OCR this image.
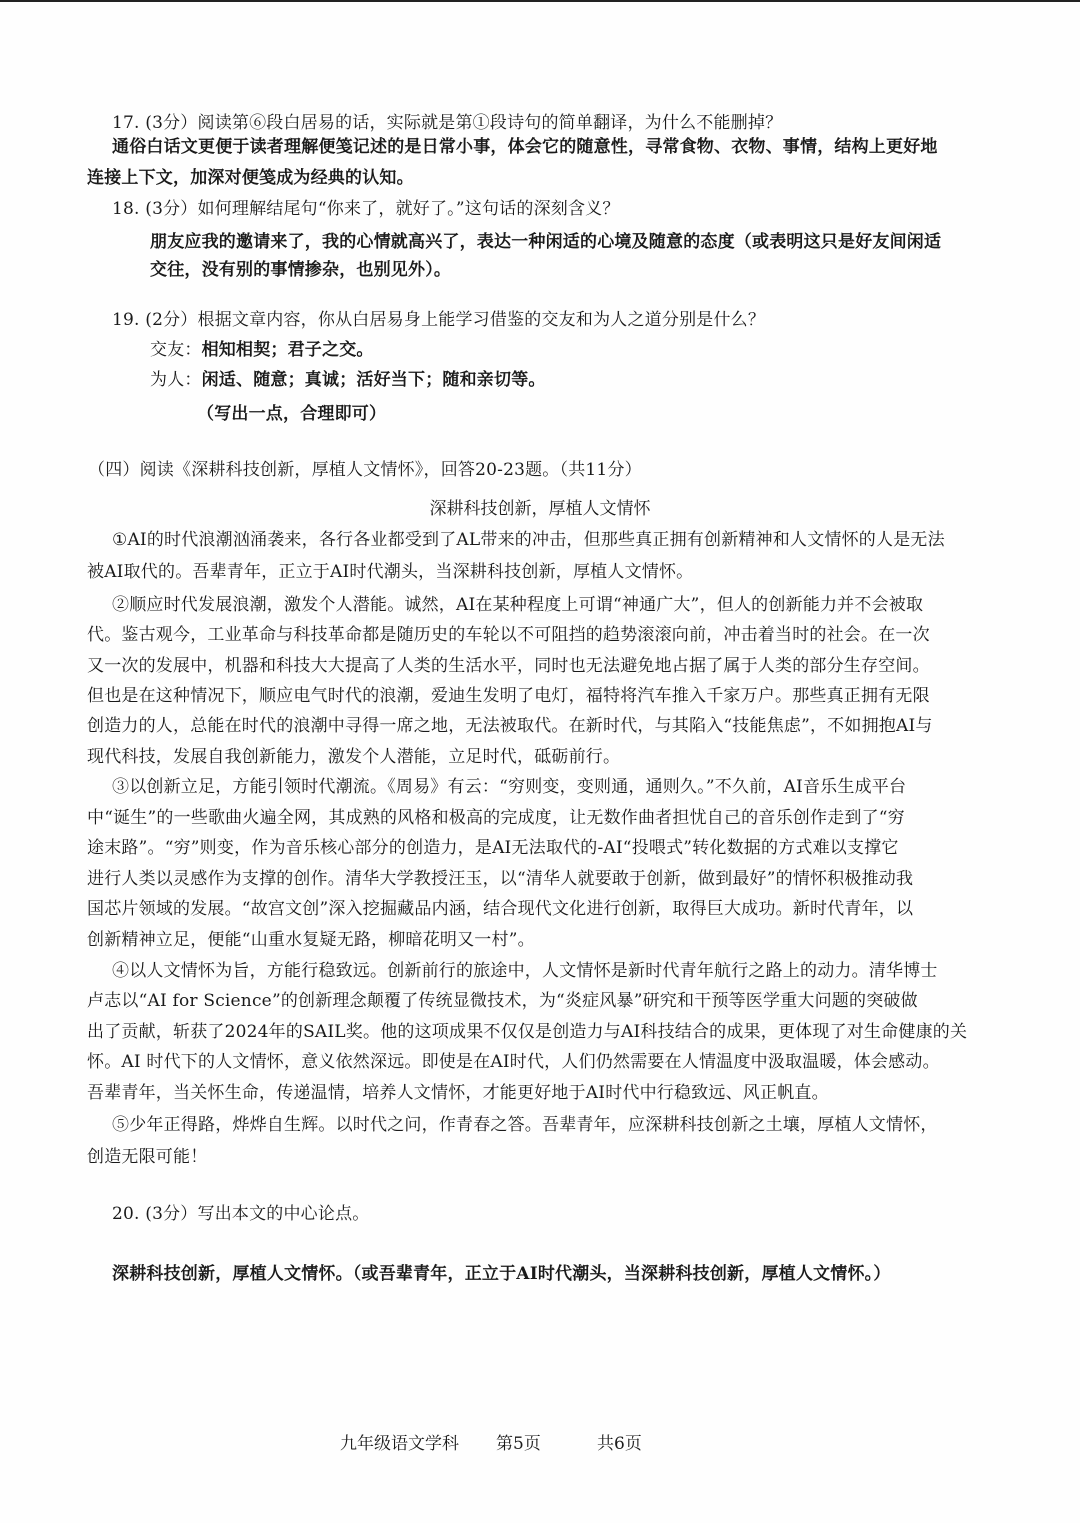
17. (3分）阅读第⑥段白居易的话，实际就是第①段诗句的简单翻译，为什么不能删掉？
通俗白话文更便于读者理解便笺记述的是日常小事，体会它的随意性，寻常食物、衣物、事情，结构上更好地
连接上下文，加深对便笺成为经典的认知。
18. (3分）如何理解结尾句“你来了，就好了。”这句话的深刻含义？
朋友应我的邀请来了，我的心情就高兴了，表达一种闲适的心境及随意的态度（或表明这只是好友间闲适
交往，没有别的事情掺杂，也别见外）。
19. (2分）根据文章内容，你从白居易身上能学习借鉴的交友和为人之道分别是什么？
交友：相知相契；君子之交。
为人：闲适、随意；真诚；活好当下；随和亲切等。
（写出一点，合理即可）
（四）阅读《深耕科技创新，厚植人文情怀》，回答20-23题。（共11分）
深耕科技创新，厚植人文情怀
①AI的时代浪潮汹涌袭来，各行各业都受到了AL带来的冲击，但那些真正拥有创新精神和人文情怀的人是无法
被AI取代的。吾辈青年，正立于AI时代潮头，当深耕科技创新，厚植人文情怀。
②顺应时代发展浪潮，激发个人潜能。诚然，AI在某种程度上可谓“神通广大”，但人的创新能力并不会被取
代。鉴古观今，工业革命与科技革命都是随历史的车轮以不可阻挡的趋势滚滚向前，冲击着当时的社会。在一次
又一次的发展中，机器和科技大大提高了人类的生活水平，同时也无法避免地占据了属于人类的部分生存空间。
但也是在这种情况下，顺应电气时代的浪潮，爱迪生发明了电灯，福特将汽车推入千家万户。那些真正拥有无限
创造力的人，总能在时代的浪潮中寻得一席之地，无法被取代。在新时代，与其陷入“技能焦虑”，不如拥抱AI与
现代科技，发展自我创新能力，激发个人潜能，立足时代，砥砺前行。
③以创新立足，方能引领时代潮流。《周易》有云：“穷则变，变则通，通则久。”不久前，AI音乐生成平台
中“诞生”的一些歌曲火遍全网，其成熟的风格和极高的完成度，让无数作曲者担忧自己的音乐创作走到了“穷
途末路”。“穷”则变，作为音乐核心部分的创造力，是AI无法取代的-AI“投喂式”转化数据的方式难以支撑它
进行人类以灵感作为支撑的创作。清华大学教授汪玉，以“清华人就要敢于创新，做到最好”的情怀积极推动我
国芯片领域的发展。“故宫文创”深入挖掘藏品内涵，结合现代文化进行创新，取得巨大成功。新时代青年，以
创新精神立足，便能“山重水复疑无路，柳暗花明又一村”。
④以人文情怀为旨，方能行稳致远。创新前行的旅途中，人文情怀是新时代青年航行之路上的动力。清华博士
卢志以“AI for Science”的创新理念颠覆了传统显微技术，为“炎症风暴”研究和干预等医学重大问题的突破做
出了贡献，斩获了2024年的SAIL奖。他的这项成果不仅仅是创造力与AI科技结合的成果，更体现了对生命健康的关
怀。AI 时代下的人文情怀，意义依然深远。即使是在AI时代，人们仍然需要在人情温度中汲取温暖，体会感动。
吾辈青年，当关怀生命，传递温情，培养人文情怀，才能更好地于AI时代中行稳致远、风正帆直。
⑤少年正得路，烨烨自生辉。以时代之问，作青春之答。吾辈青年，应深耕科技创新之土壤，厚植人文情怀，
创造无限可能！
20. (3分）写出本文的中心论点。
深耕科技创新，厚植人文情怀。（或吾辈青年，正立于AI时代潮头，当深耕科技创新，厚植人文情怀。）
九年级语文学科 第5页	共6页
